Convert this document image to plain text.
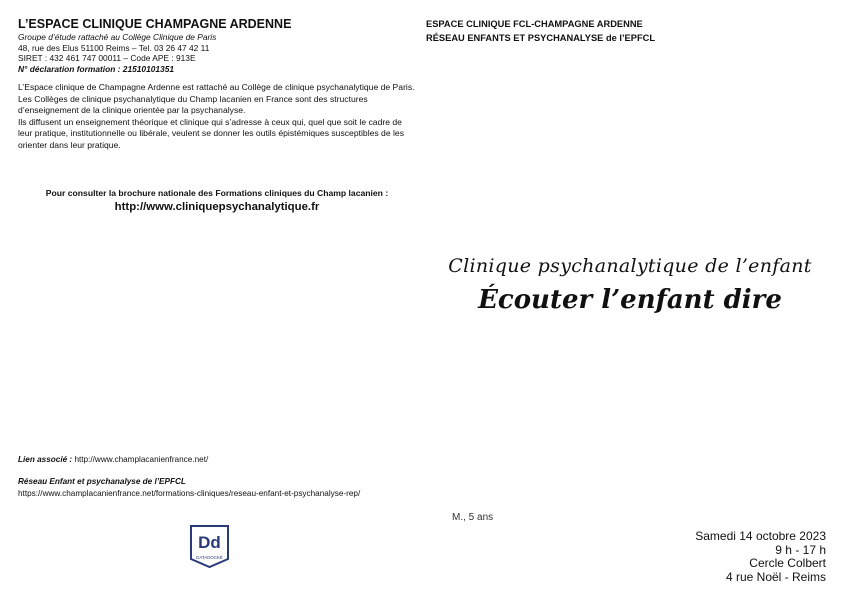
L’ESPACE CLINIQUE CHAMPAGNE ARDENNE
Groupe d’étude rattaché au Collège Clinique de Paris
48, rue des Elus 51100 Reims – Tel. 03 26 47 42 11
SIRET : 432 461 747 00011 – Code APE : 913E
N° déclaration formation : 21510101351
L’Espace clinique de Champagne Ardenne est rattaché au Collège de clinique psychanalytique de Paris.
Les Collèges de clinique psychanalytique du Champ lacanien en France sont des structures d’enseignement de la clinique orientée par la psychanalyse.
Ils diffusent un enseignement théorique et clinique qui s’adresse à ceux qui, quel que soit le cadre de leur pratique, institutionnelle ou libérale, veulent se donner les outils épistémiques susceptibles de les orienter dans leur pratique.
Pour consulter la brochure nationale des Formations cliniques du Champ lacanien :
http://www.cliniquepsychanalytique.fr
Lien associé : http://www.champlacanienfrance.net/
Réseau Enfant et psychanalyse de l’EPFCL
https://www.champlacanienfrance.net/formations-cliniques/reseau-enfant-et-psychanalyse-rep/
Dd
DATADOCKÉ
ESPACE CLINIQUE FCL-CHAMPAGNE ARDENNE
RÉSEAU ENFANTS ET PSYCHANALYSE de l’EPFCL
Clinique psychanalytique de l’enfant
Écouter l’enfant dire
M., 5 ans
Samedi 14 octobre 2023
9 h - 17 h
Cercle Colbert
4 rue Noël - Reims
